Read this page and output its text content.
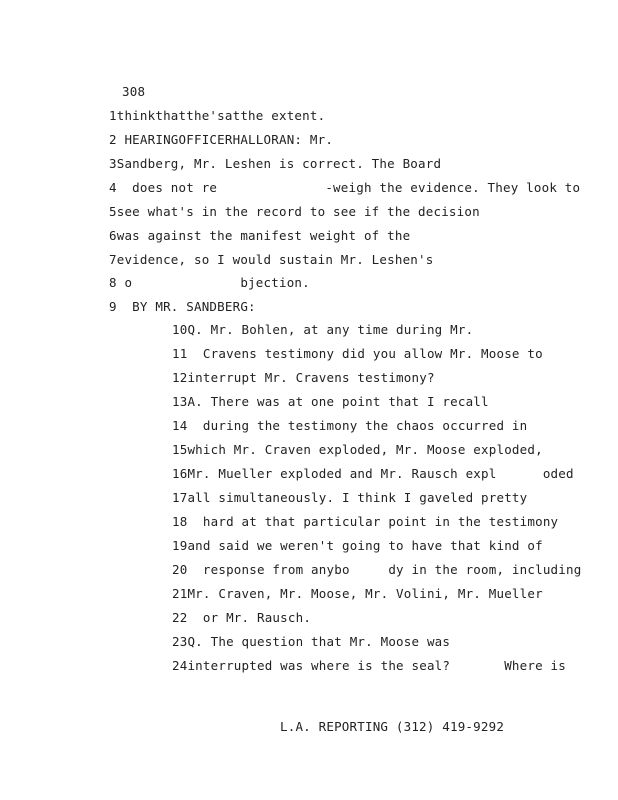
308
1thinkthatthe'satthe extent.
2 HEARINGOFFICERHALLORAN: Mr.
3Sandberg, Mr. Leshen is correct. The Board
4  does not re              -weigh the evidence. They look to
5see what's in the record to see if the decision
6was against the manifest weight of the
7evidence, so I would sustain Mr. Leshen's
8 o              bjection.
9  BY MR. SANDBERG:
10Q. Mr. Bohlen, at any time during Mr.
11  Cravens testimony did you allow Mr. Moose to
12interrupt Mr. Cravens testimony?
13A. There was at one point that I recall
14  during the testimony the chaos occurred in
15which Mr. Craven exploded, Mr. Moose exploded,
16Mr. Mueller exploded and Mr. Rausch expl      oded
17all simultaneously. I think I gaveled pretty
18  hard at that particular point in the testimony
19and said we weren't going to have that kind of
20  response from anybo     dy in the room, including
21Mr. Craven, Mr. Moose, Mr. Volini, Mr. Mueller
22  or Mr. Rausch.
23Q. The question that Mr. Moose was
24interrupted was where is the seal?       Where is
L.A. REPORTING (312) 419-9292
